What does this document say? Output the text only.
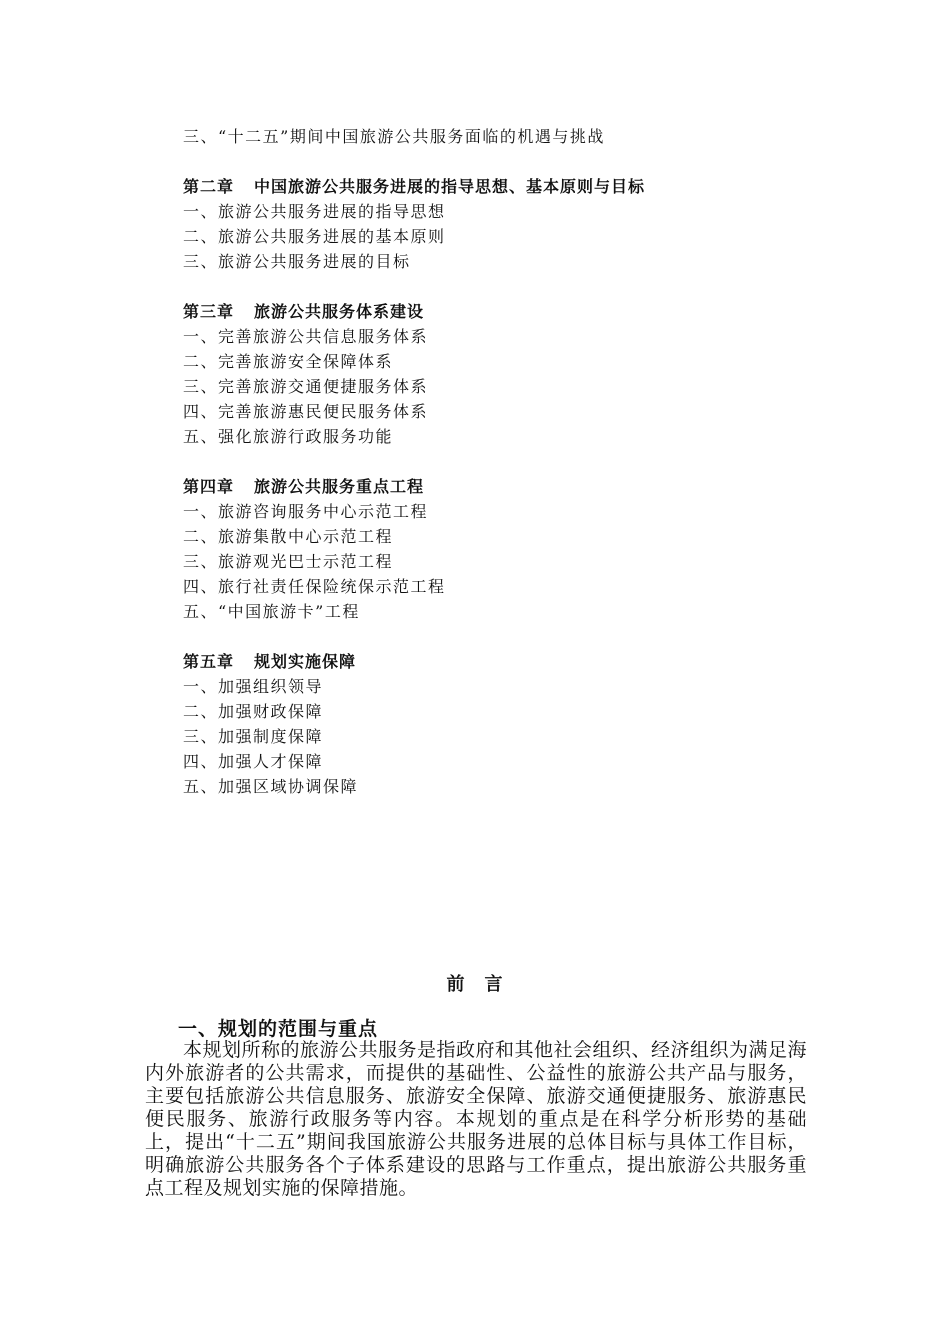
三、“十二五”期间中国旅游公共服务面临的机遇与挑战
第二章 中国旅游公共服务进展的指导思想、基本原则与目标
一、旅游公共服务进展的指导思想
二、旅游公共服务进展的基本原则
三、旅游公共服务进展的目标
第三章 旅游公共服务体系建设
一、完善旅游公共信息服务体系
二、完善旅游安全保障体系
三、完善旅游交通便捷服务体系
四、完善旅游惠民便民服务体系
五、强化旅游行政服务功能
第四章 旅游公共服务重点工程
一、旅游咨询服务中心示范工程
二、旅游集散中心示范工程
三、旅游观光巴士示范工程
四、旅行社责任保险统保示范工程
五、“中国旅游卡”工程
第五章 规划实施保障
一、加强组织领导
二、加强财政保障
三、加强制度保障
四、加强人才保障
五、加强区域协调保障
前　言
一、规划的范围与重点
本规划所称的旅游公共服务是指政府和其他社会组织、经济组织为满足海内外旅游者的公共需求，而提供的基础性、公益性的旅游公共产品与服务，主要包括旅游公共信息服务、旅游安全保障、旅游交通便捷服务、旅游惠民便民服务、旅游行政服务等内容。本规划的重点是在科学分析形势的基础上，提出“十二五”期间我国旅游公共服务进展的总体目标与具体工作目标，明确旅游公共服务各个子体系建设的思路与工作重点，提出旅游公共服务重点工程及规划实施的保障措施。
